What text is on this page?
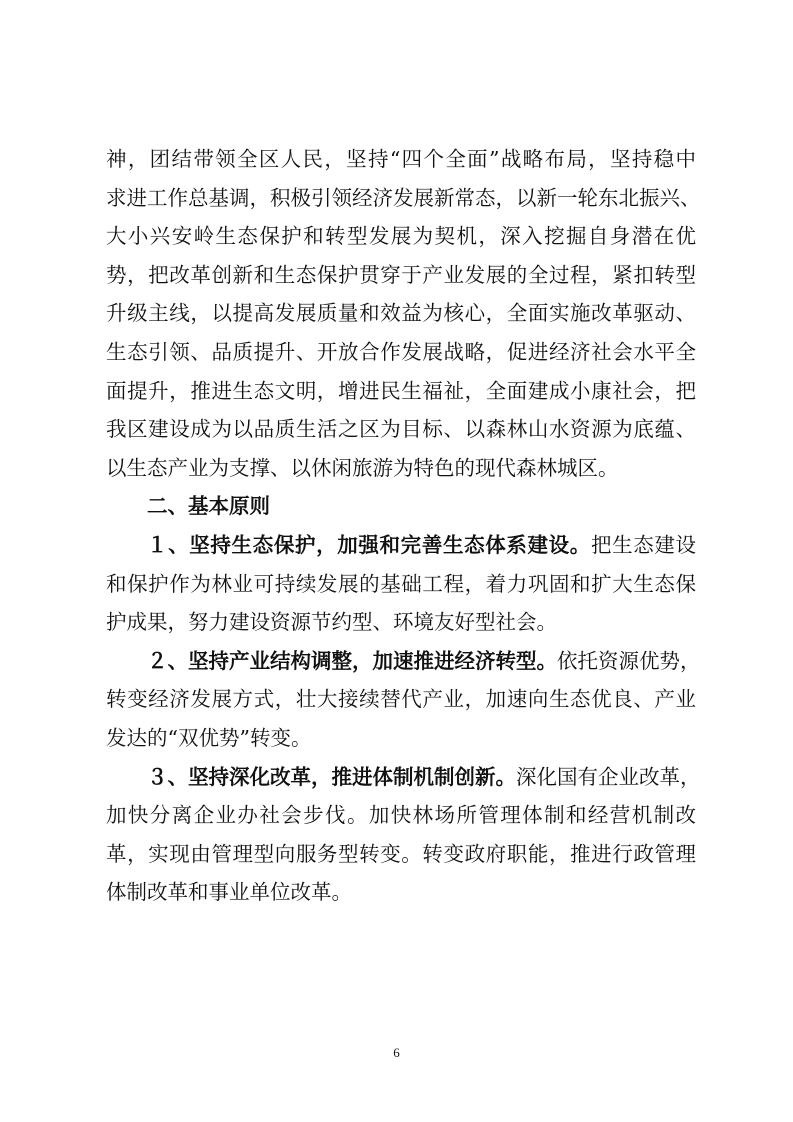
神，团结带领全区人民，坚持“四个全面”战略布局，坚持稳中
求进工作总基调，积极引领经济发展新常态，以新一轮东北振兴、
大小兴安岭生态保护和转型发展为契机，深入挖掘自身潜在优
势，把改革创新和生态保护贯穿于产业发展的全过程，紧扣转型
升级主线，以提高发展质量和效益为核心，全面实施改革驱动、
生态引领、品质提升、开放合作发展战略，促进经济社会水平全
面提升，推进生态文明，增进民生福祉，全面建成小康社会，把
我区建设成为以品质生活之区为目标、以森林山水资源为底蕴、
以生态产业为支撑、以休闲旅游为特色的现代森林城区。
二、基本原则
１、坚持生态保护，加强和完善生态体系建设。把生态建设
和保护作为林业可持续发展的基础工程，着力巩固和扩大生态保
护成果，努力建设资源节约型、环境友好型社会。
２、坚持产业结构调整，加速推进经济转型。依托资源优势，
转变经济发展方式，壮大接续替代产业，加速向生态优良、产业
发达的“双优势”转变。
３、坚持深化改革，推进体制机制创新。深化国有企业改革，
加快分离企业办社会步伐。加快林场所管理体制和经营机制改
革，实现由管理型向服务型转变。转变政府职能，推进行政管理
体制改革和事业单位改革。
6
